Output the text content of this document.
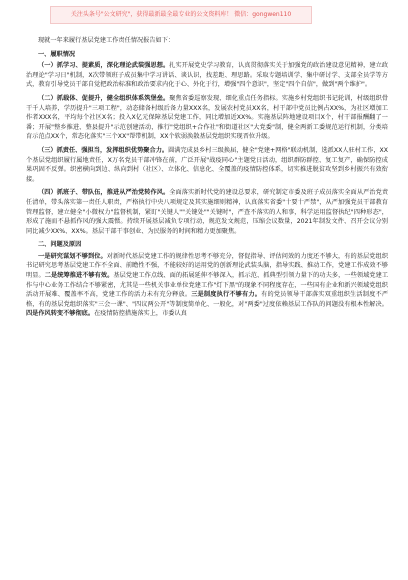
关注头条号"公文研究"，获得最新最全最专业的公文资料库！ 微信：gongwen110

现就一年来履行基层党建工作责任情况报告如下：

一、履职情况

（一）抓学习、提素质，深化理论武装强思想。扎实开展党史学习教育，认真贯彻落实关于加强党的政治建设意见精神，建立政治理论"学习日"机制，X次带领班子成员集中学习讲话、谈认识，找差距、理思路。采取专题培训学、集中研讨学、支部全员学等方式，教育引导党员干部自觉把政治标准和政治要求内化于心、外化于行，增强"四个意识"，坚定"四个自信"，做到"两个维护"。

（二）抓载体、促提升，健全组织体系筑堡垒。聚焦省委巡察发现、细化重点任务指标。实施乡村党组织书记轮训，村级组织骨干千人培养，学历提升"三项工程"，动态储备村级后备力量XXX名，发展农村党员XX名，村干部中党员比例占XX%，为社区增加工作者XXX名，平均每个社区X名；投入X亿元保障基层党建工作，同比增加近XX%。实施基层阵地建设项目X个，村干部报酬翻了一番；开展"整乡推进、整县提升"示范创建活动，推行"党组织+合作社"和街道社区"大党委"制，健全两新工委规范运行机制，分类培育示范点XX个，常态化落实"三个XX"帮带机制，XX个软弱涣散基层党组织实现晋位升级。

（三）抓责任、强担当，发挥组织优势聚合力。圆满完成县乡村三级换届，健全"党建+网格"联动机制，选派XX人驻村工作，XX个基层党组织履行属地责任，X万名党员干部冲锋在前，广泛开展"战疫同心"主题党日活动，组织群防群控、复工复产，确保防控成果巩固不反弹。织密横向到边、纵向到村（社区）、立体化、信息化、全覆盖的疫情防控体系，切实推进脱贫攻坚到乡村振兴有效衔接。

（四）抓班子、带队伍，推进从严治党转作风。全面落实新时代党的建设总要求，研究制定市委及班子成员落实全面从严治党责任清单，带头落实第一责任人职责，严格执行中央八项规定及其实施细则精神，认真落实省委"十要十严禁"，从严加强党员干部教育管理监督，建立健全"小微权力"监督机制，紧盯"关键人""关键处""关键时"，严查不落实的人和事，科学运用监督执纪"四种形态"，形成了施而不悬抓作风的强大震慑。持续开展基层减负专项行动，规范发文规范，压缩会议数量，2021年制发文件、召开会议分别同比减少XX%、XX%。基层干部干事创业、为民服务的时间和精力更加聚焦。

二、问题及原因

一是研究谋划不够到位。对新时代基层党建工作的规律性思考不够充分，督促指导、评估问效的力度还不够大，有的基层党组织书记研究思考基层党建工作不全面、前瞻性不强，不能较好的运用党的创新理论武装头脑，指导实践、推动工作，党建工作成效不够明显。二是统筹推进不够有效。基层党建工作点线、面的拓展延伸不够深入，抓示范、抓典型引领力量下的功夫多，一些领域党建工作与中心业务工作结合不够紧密，尤其是一些机关事业单位党建工作"灯下黑"的现象不同程度存在，一些国有企业和新兴领域党组织活动开展难、覆盖率不高，党建工作的活力未有充分释放。三是制度执行不够有力。有的党员领导干部落实双重组织生活制度不严格，有的基层党组织落实"三会一课"、"四议两公开"等制度简单化、一般化，对"两委"过度依赖基层工作队的问题没有根本性解决。四是作风转变不够彻底。在疫情防控措施落实上，市委认真
